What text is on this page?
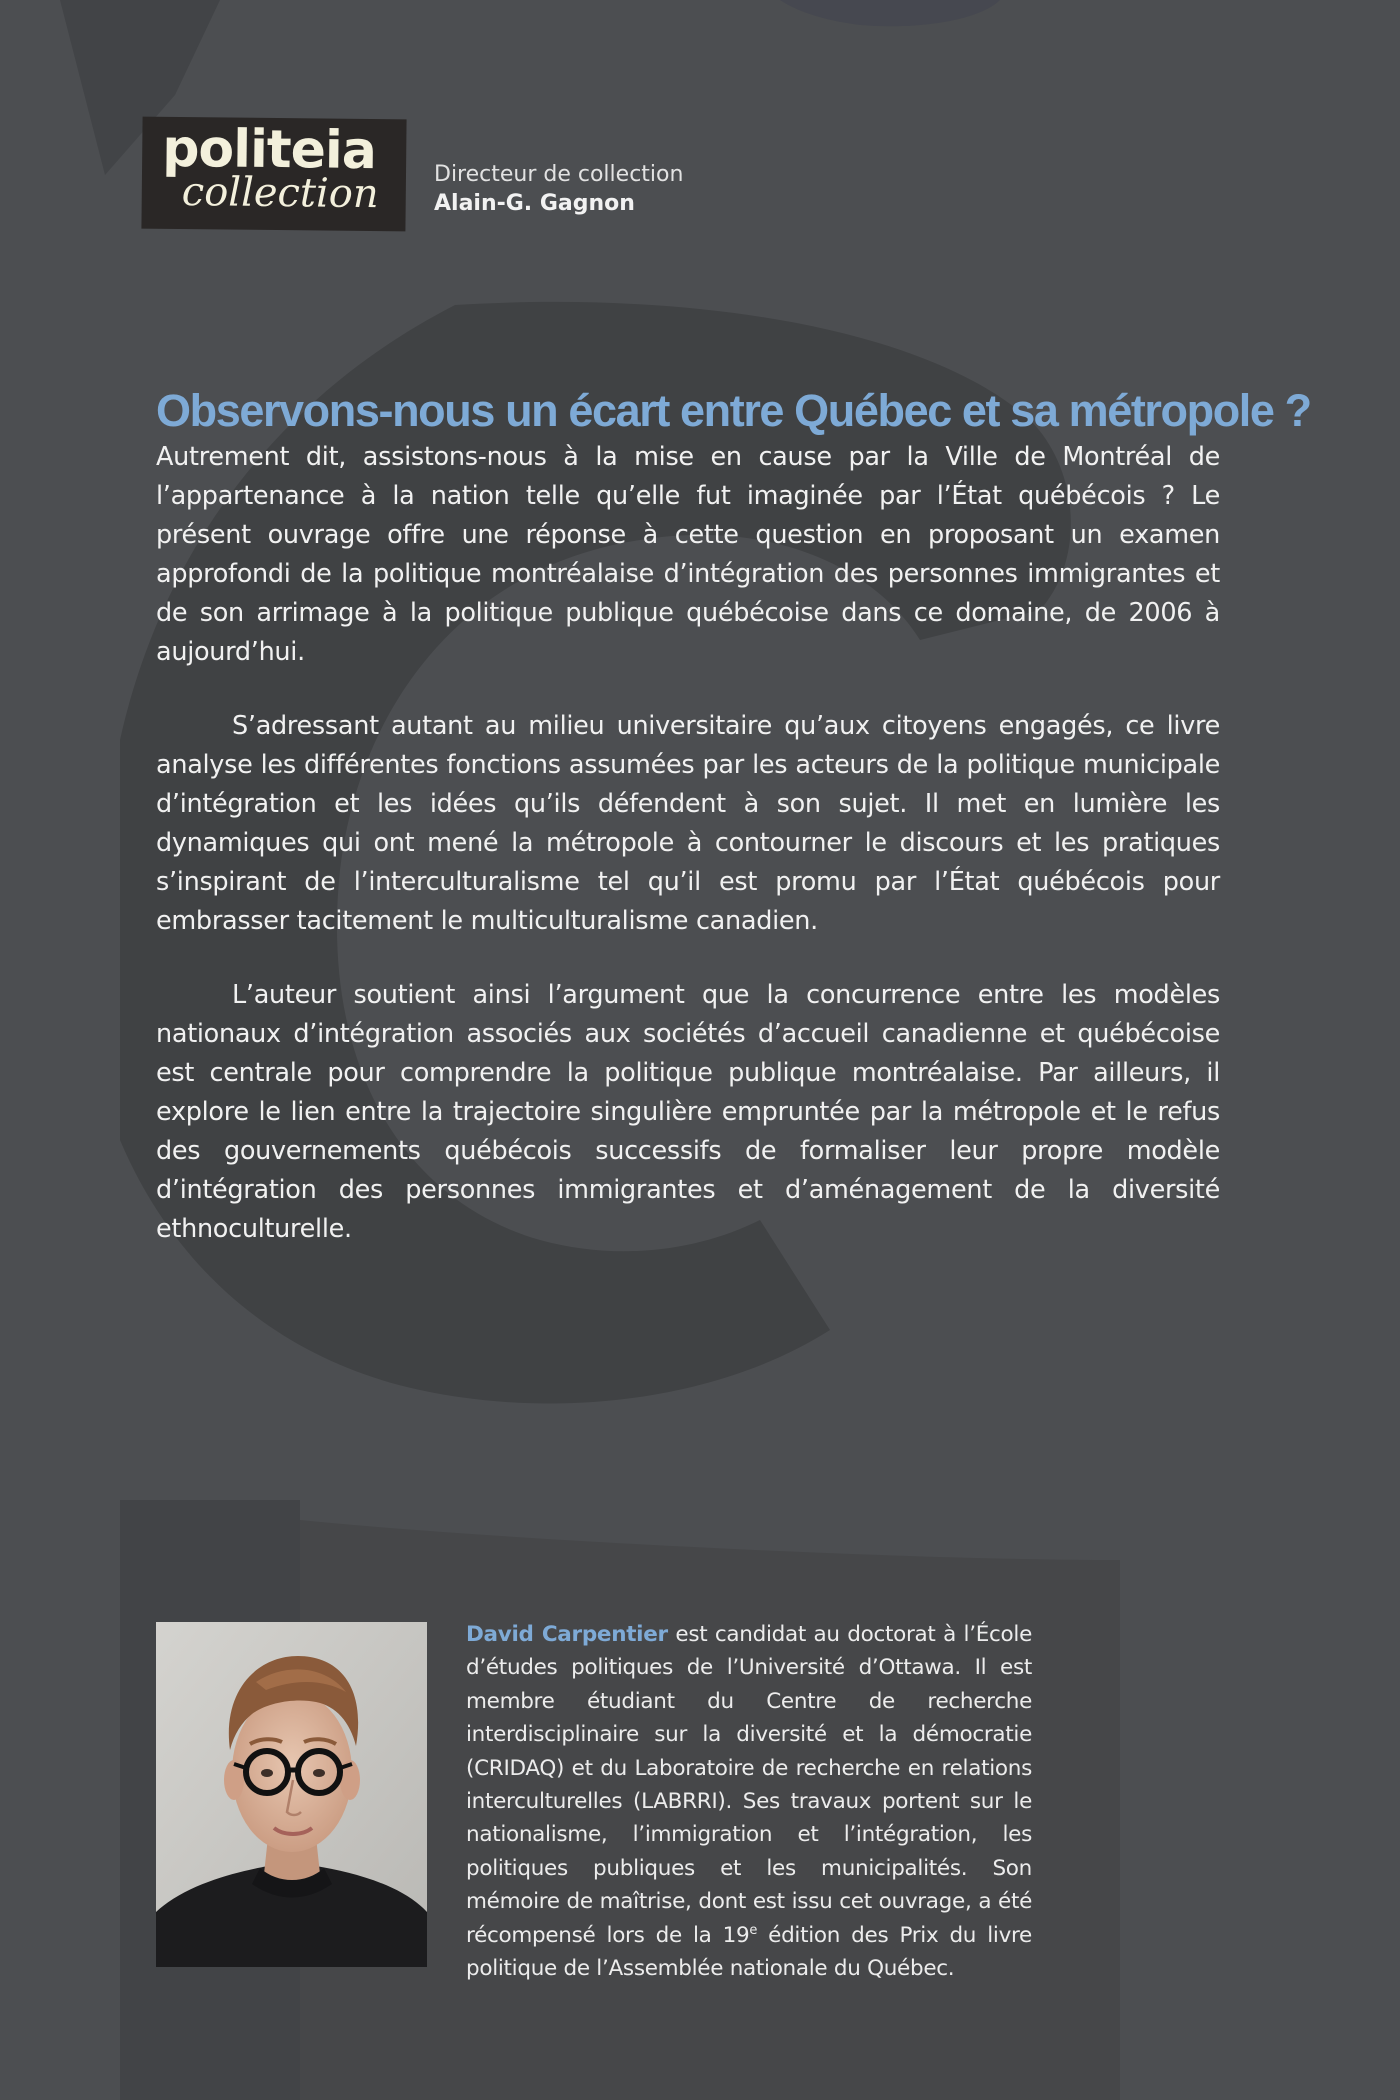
politeia
collection	Directeur de collection
Alain-G. Gagnon
Observons-nous un écart entre Québec et sa métropole ?

Autrement dit, assistons-nous à la mise en cause par la Ville de Montréal de l’appartenance à la nation telle qu’elle fut imaginée par l’État québécois ? Le présent ouvrage offre une réponse à cette question en proposant un examen approfondi de la politique montréalaise d’intégration des personnes immigrantes et de son arrimage à la politique publique québécoise dans ce domaine, de 2006 à aujourd’hui.

S’adressant autant au milieu universitaire qu’aux citoyens engagés, ce livre analyse les différentes fonctions assumées par les acteurs de la politique municipale d’intégration et les idées qu’ils défendent à son sujet. Il met en lumière les dynamiques qui ont mené la métropole à contourner le discours et les pratiques s’inspirant de l’interculturalisme tel qu’il est promu par l’État québécois pour embrasser tacitement le multiculturalisme canadien.

L’auteur soutient ainsi l’argument que la concurrence entre les modèles nationaux d’intégration associés aux sociétés d’accueil canadienne et québécoise est centrale pour comprendre la politique publique montréalaise. Par ailleurs, il explore le lien entre la trajectoire singulière empruntée par la métropole et le refus des gouvernements québécois successifs de formaliser leur propre modèle d’intégration des personnes immigrantes et d’aménagement de la diversité ethnoculturelle.

David Carpentier est candidat au doctorat à l’École d’études politiques de l’Université d’Ottawa. Il est membre étudiant du Centre de recherche interdisciplinaire sur la diversité et la démocratie (CRIDAQ) et du Laboratoire de recherche en relations interculturelles (LABRRI). Ses travaux portent sur le nationalisme, l’immigration et l’intégration, les politiques publiques et les municipalités. Son mémoire de maîtrise, dont est issu cet ouvrage, a été récompensé lors de la 19e édition des Prix du livre politique de l’Assemblée nationale du Québec.
